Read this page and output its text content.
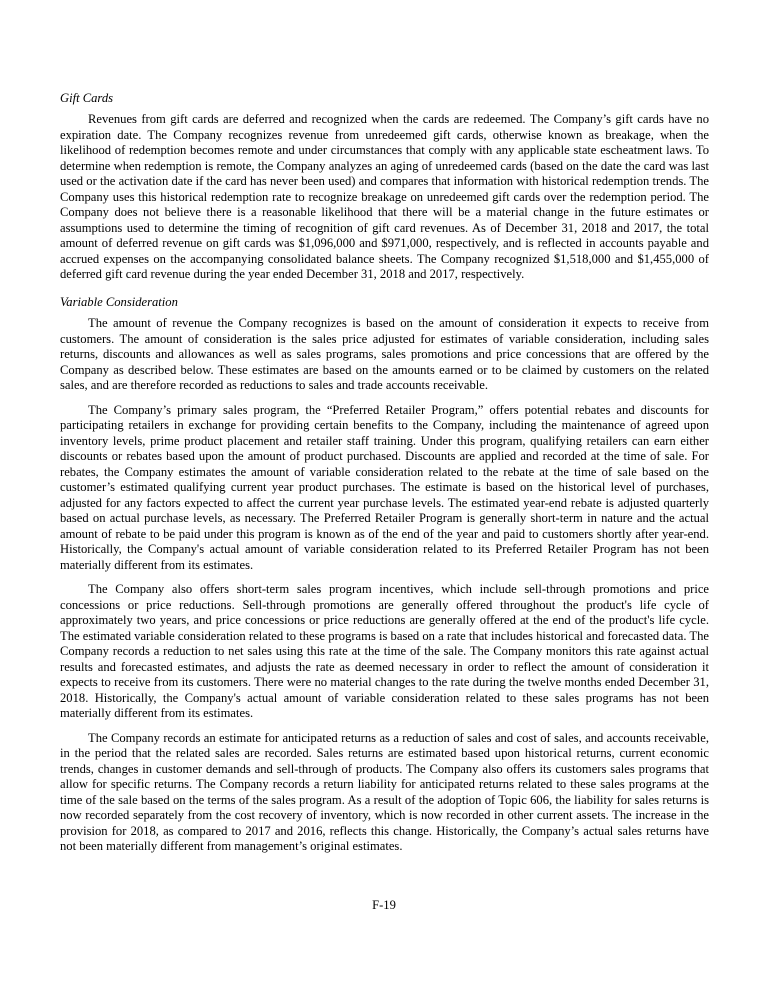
Gift Cards

Revenues from gift cards are deferred and recognized when the cards are redeemed. The Company’s gift cards have no expiration date. The Company recognizes revenue from unredeemed gift cards, otherwise known as breakage, when the likelihood of redemption becomes remote and under circumstances that comply with any applicable state escheatment laws. To determine when redemption is remote, the Company analyzes an aging of unredeemed cards (based on the date the card was last used or the activation date if the card has never been used) and compares that information with historical redemption trends. The Company uses this historical redemption rate to recognize breakage on unredeemed gift cards over the redemption period. The Company does not believe there is a reasonable likelihood that there will be a material change in the future estimates or assumptions used to determine the timing of recognition of gift card revenues. As of December 31, 2018 and 2017, the total amount of deferred revenue on gift cards was $1,096,000 and $971,000, respectively, and is reflected in accounts payable and accrued expenses on the accompanying consolidated balance sheets. The Company recognized $1,518,000 and $1,455,000 of deferred gift card revenue during the year ended December 31, 2018 and 2017, respectively.

Variable Consideration

The amount of revenue the Company recognizes is based on the amount of consideration it expects to receive from customers. The amount of consideration is the sales price adjusted for estimates of variable consideration, including sales returns, discounts and allowances as well as sales programs, sales promotions and price concessions that are offered by the Company as described below. These estimates are based on the amounts earned or to be claimed by customers on the related sales, and are therefore recorded as reductions to sales and trade accounts receivable.

The Company’s primary sales program, the “Preferred Retailer Program,” offers potential rebates and discounts for participating retailers in exchange for providing certain benefits to the Company, including the maintenance of agreed upon inventory levels, prime product placement and retailer staff training. Under this program, qualifying retailers can earn either discounts or rebates based upon the amount of product purchased. Discounts are applied and recorded at the time of sale. For rebates, the Company estimates the amount of variable consideration related to the rebate at the time of sale based on the customer’s estimated qualifying current year product purchases. The estimate is based on the historical level of purchases, adjusted for any factors expected to affect the current year purchase levels. The estimated year-end rebate is adjusted quarterly based on actual purchase levels, as necessary. The Preferred Retailer Program is generally short-term in nature and the actual amount of rebate to be paid under this program is known as of the end of the year and paid to customers shortly after year-end. Historically, the Company's actual amount of variable consideration related to its Preferred Retailer Program has not been materially different from its estimates.

The Company also offers short-term sales program incentives, which include sell-through promotions and price concessions or price reductions. Sell-through promotions are generally offered throughout the product's life cycle of approximately two years, and price concessions or price reductions are generally offered at the end of the product's life cycle. The estimated variable consideration related to these programs is based on a rate that includes historical and forecasted data. The Company records a reduction to net sales using this rate at the time of the sale. The Company monitors this rate against actual results and forecasted estimates, and adjusts the rate as deemed necessary in order to reflect the amount of consideration it expects to receive from its customers. There were no material changes to the rate during the twelve months ended December 31, 2018. Historically, the Company's actual amount of variable consideration related to these sales programs has not been materially different from its estimates.

The Company records an estimate for anticipated returns as a reduction of sales and cost of sales, and accounts receivable, in the period that the related sales are recorded. Sales returns are estimated based upon historical returns, current economic trends, changes in customer demands and sell-through of products. The Company also offers its customers sales programs that allow for specific returns. The Company records a return liability for anticipated returns related to these sales programs at the time of the sale based on the terms of the sales program. As a result of the adoption of Topic 606, the liability for sales returns is now recorded separately from the cost recovery of inventory, which is now recorded in other current assets. The increase in the provision for 2018, as compared to 2017 and 2016, reflects this change. Historically, the Company’s actual sales returns have not been materially different from management’s original estimates.

F-19
